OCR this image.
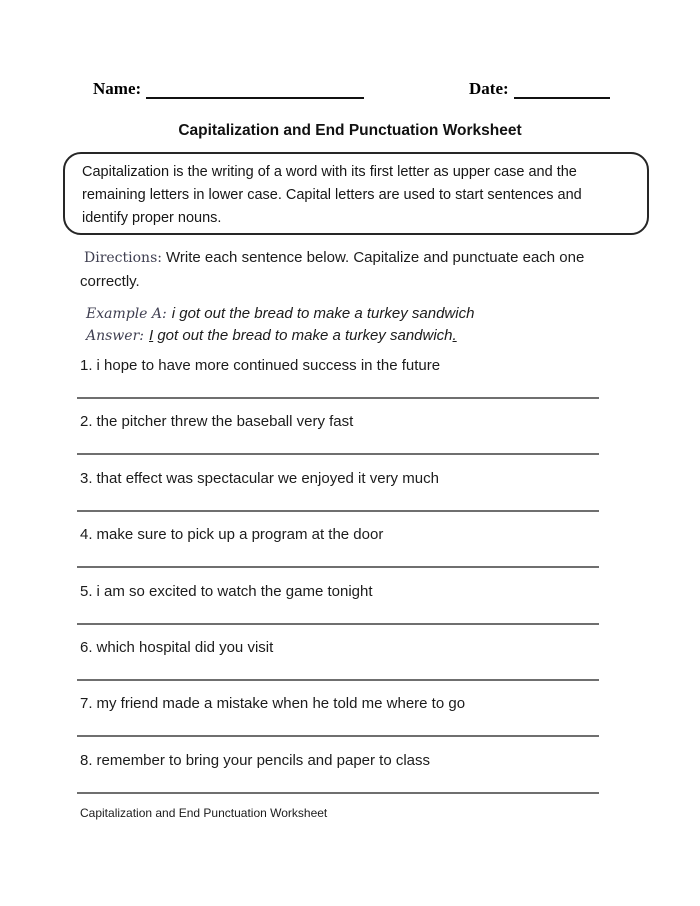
Name:	Date:
Capitalization and End Punctuation Worksheet
Capitalization is the writing of a word with its first letter as upper case and the remaining letters in lower case. Capital letters are used to start sentences and identify proper nouns.
Directions: Write each sentence below. Capitalize and punctuate each one correctly.
Example A: i got out the bread to make a turkey sandwich
Answer: I got out the bread to make a turkey sandwich.
1. i hope to have more continued success in the future
2. the pitcher threw the baseball very fast
3. that effect was spectacular we enjoyed it very much
4. make sure to pick up a program at the door
5. i am so excited to watch the game tonight
6. which hospital did you visit
7. my friend made a mistake when he told me where to go
8. remember to bring your pencils and paper to class
Capitalization and End Punctuation Worksheet
